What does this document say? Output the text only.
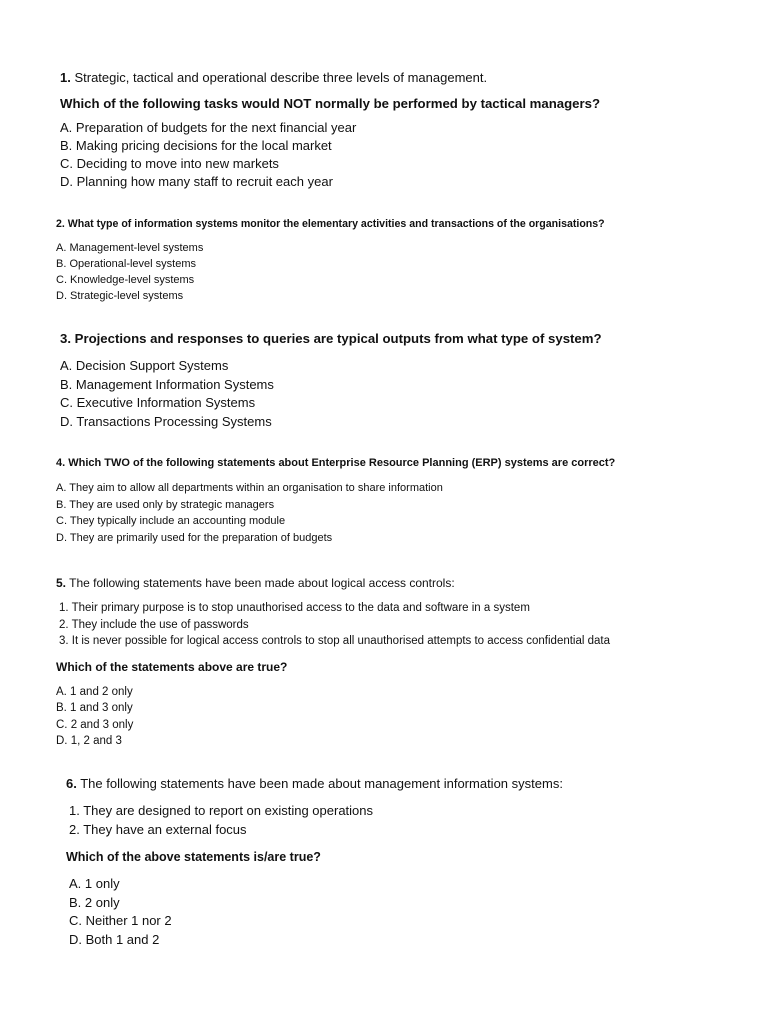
1. Strategic, tactical and operational describe three levels of management.
Which of the following tasks would NOT normally be performed by tactical managers?
A. Preparation of budgets for the next financial year
B. Making pricing decisions for the local market
C. Deciding to move into new markets
D. Planning how many staff to recruit each year
2. What type of information systems monitor the elementary activities and transactions of the organisations?
A. Management-level systems
B. Operational-level systems
C. Knowledge-level systems
D. Strategic-level systems
3. Projections and responses to queries are typical outputs from what type of system?
A. Decision Support Systems
B. Management Information Systems
C. Executive Information Systems
D. Transactions Processing Systems
4. Which TWO of the following statements about Enterprise Resource Planning (ERP) systems are correct?
A. They aim to allow all departments within an organisation to share information
B. They are used only by strategic managers
C. They typically include an accounting module
D. They are primarily used for the preparation of budgets
5. The following statements have been made about logical access controls:
1. Their primary purpose is to stop unauthorised access to the data and software in a system
2. They include the use of passwords
3. It is never possible for logical access controls to stop all unauthorised attempts to access confidential data
Which of the statements above are true?
A. 1 and 2 only
B. 1 and 3 only
C. 2 and 3 only
D. 1, 2 and 3
6. The following statements have been made about management information systems:
1. They are designed to report on existing operations
2. They have an external focus
Which of the above statements is/are true?
A. 1 only
B. 2 only
C. Neither 1 nor 2
D. Both 1 and 2
